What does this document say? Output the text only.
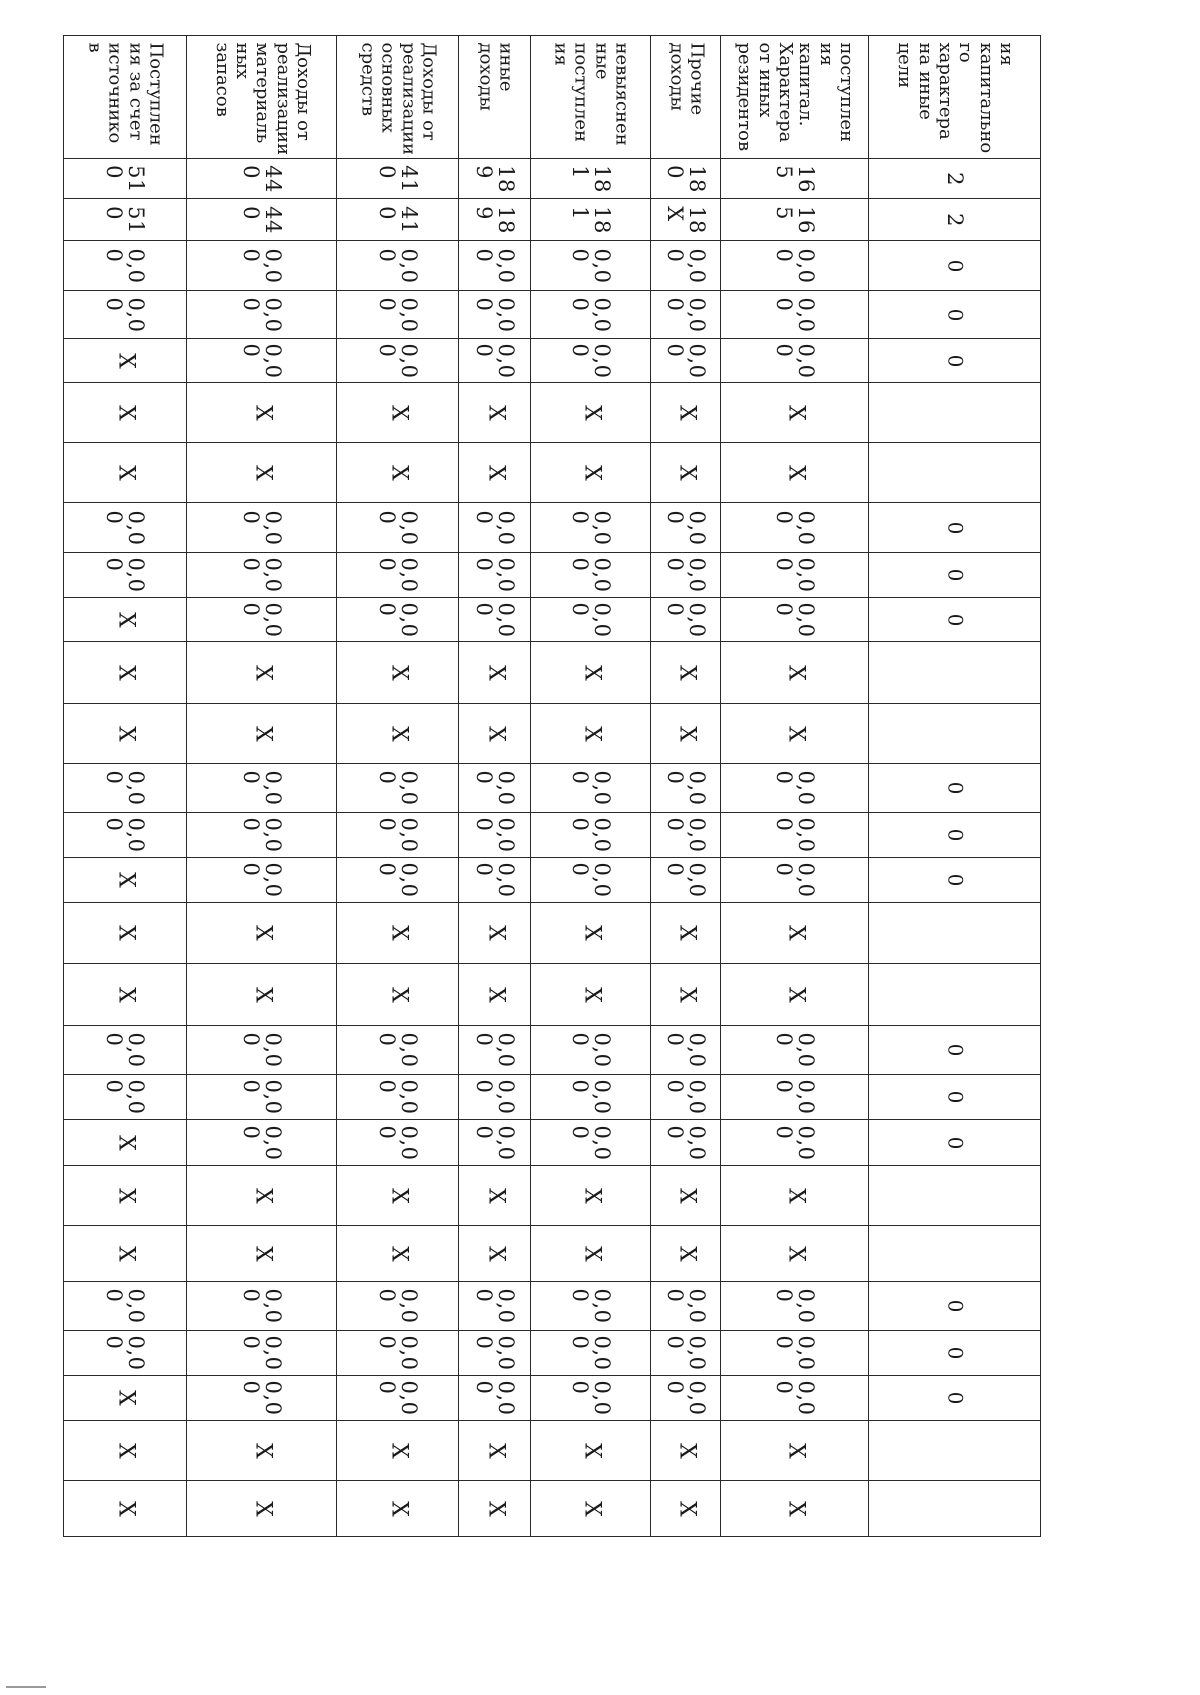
ия
капитально
го
характера
на иные
цели
2
2
0
0
0
0
0
0
0
0
0
0
0
0
0
0
0
поступлен
ия капитал.
Характера
от иных
резидентов
16
5
16
5
0,0
0
0,0
0
0,0
0
X
X
0,0
0
0,0
0
0,0
0
X
X
0,0
0
0,0
0
0,0
0
X
X
0,0
0
0,0
0
0,0
0
X
X
0,0
0
0,0
0
0,0
0
X
X
Прочие
доходы
18
0
18
X
0,0
0
0,0
0
0,0
0
X
X
0,0
0
0,0
0
0,0
0
X
X
0,0
0
0,0
0
0,0
0
X
X
0,0
0
0,0
0
0,0
0
X
X
0,0
0
0,0
0
0,0
0
X
X
невыяснен
ные
поступлен
ия
18
1
18
1
0,0
0
0,0
0
0,0
0
X
X
0,0
0
0,0
0
0,0
0
X
X
0,0
0
0,0
0
0,0
0
X
X
0,0
0
0,0
0
0,0
0
X
X
0,0
0
0,0
0
0,0
0
X
X
иные
доходы
18
9
18
9
0,0
0
0,0
0
0,0
0
X
X
0,0
0
0,0
0
0,0
0
X
X
0,0
0
0,0
0
0,0
0
X
X
0,0
0
0,0
0
0,0
0
X
X
0,0
0
0,0
0
0,0
0
X
X
Доходы от
реализации
основных
средств
41
0
41
0
0,0
0
0,0
0
0,0
0
X
X
0,0
0
0,0
0
0,0
0
X
X
0,0
0
0,0
0
0,0
0
X
X
0,0
0
0,0
0
0,0
0
X
X
0,0
0
0,0
0
0,0
0
X
X
Доходы от
реализации
материаль
ных
запасов
44
0
44
0
0,0
0
0,0
0
0,0
0
X
X
0,0
0
0,0
0
0,0
0
X
X
0,0
0
0,0
0
0,0
0
X
X
0,0
0
0,0
0
0,0
0
X
X
0,0
0
0,0
0
0,0
0
X
X
Поступлен
ия за счет
источнико
в
51
0
51
0
0,0
0
0,0
0
X
X
X
0,0
0
0,0
0
X
X
X
0,0
0
0,0
0
X
X
X
0,0
0
0,0
0
X
X
X
0,0
0
0,0
0
X
X
X
